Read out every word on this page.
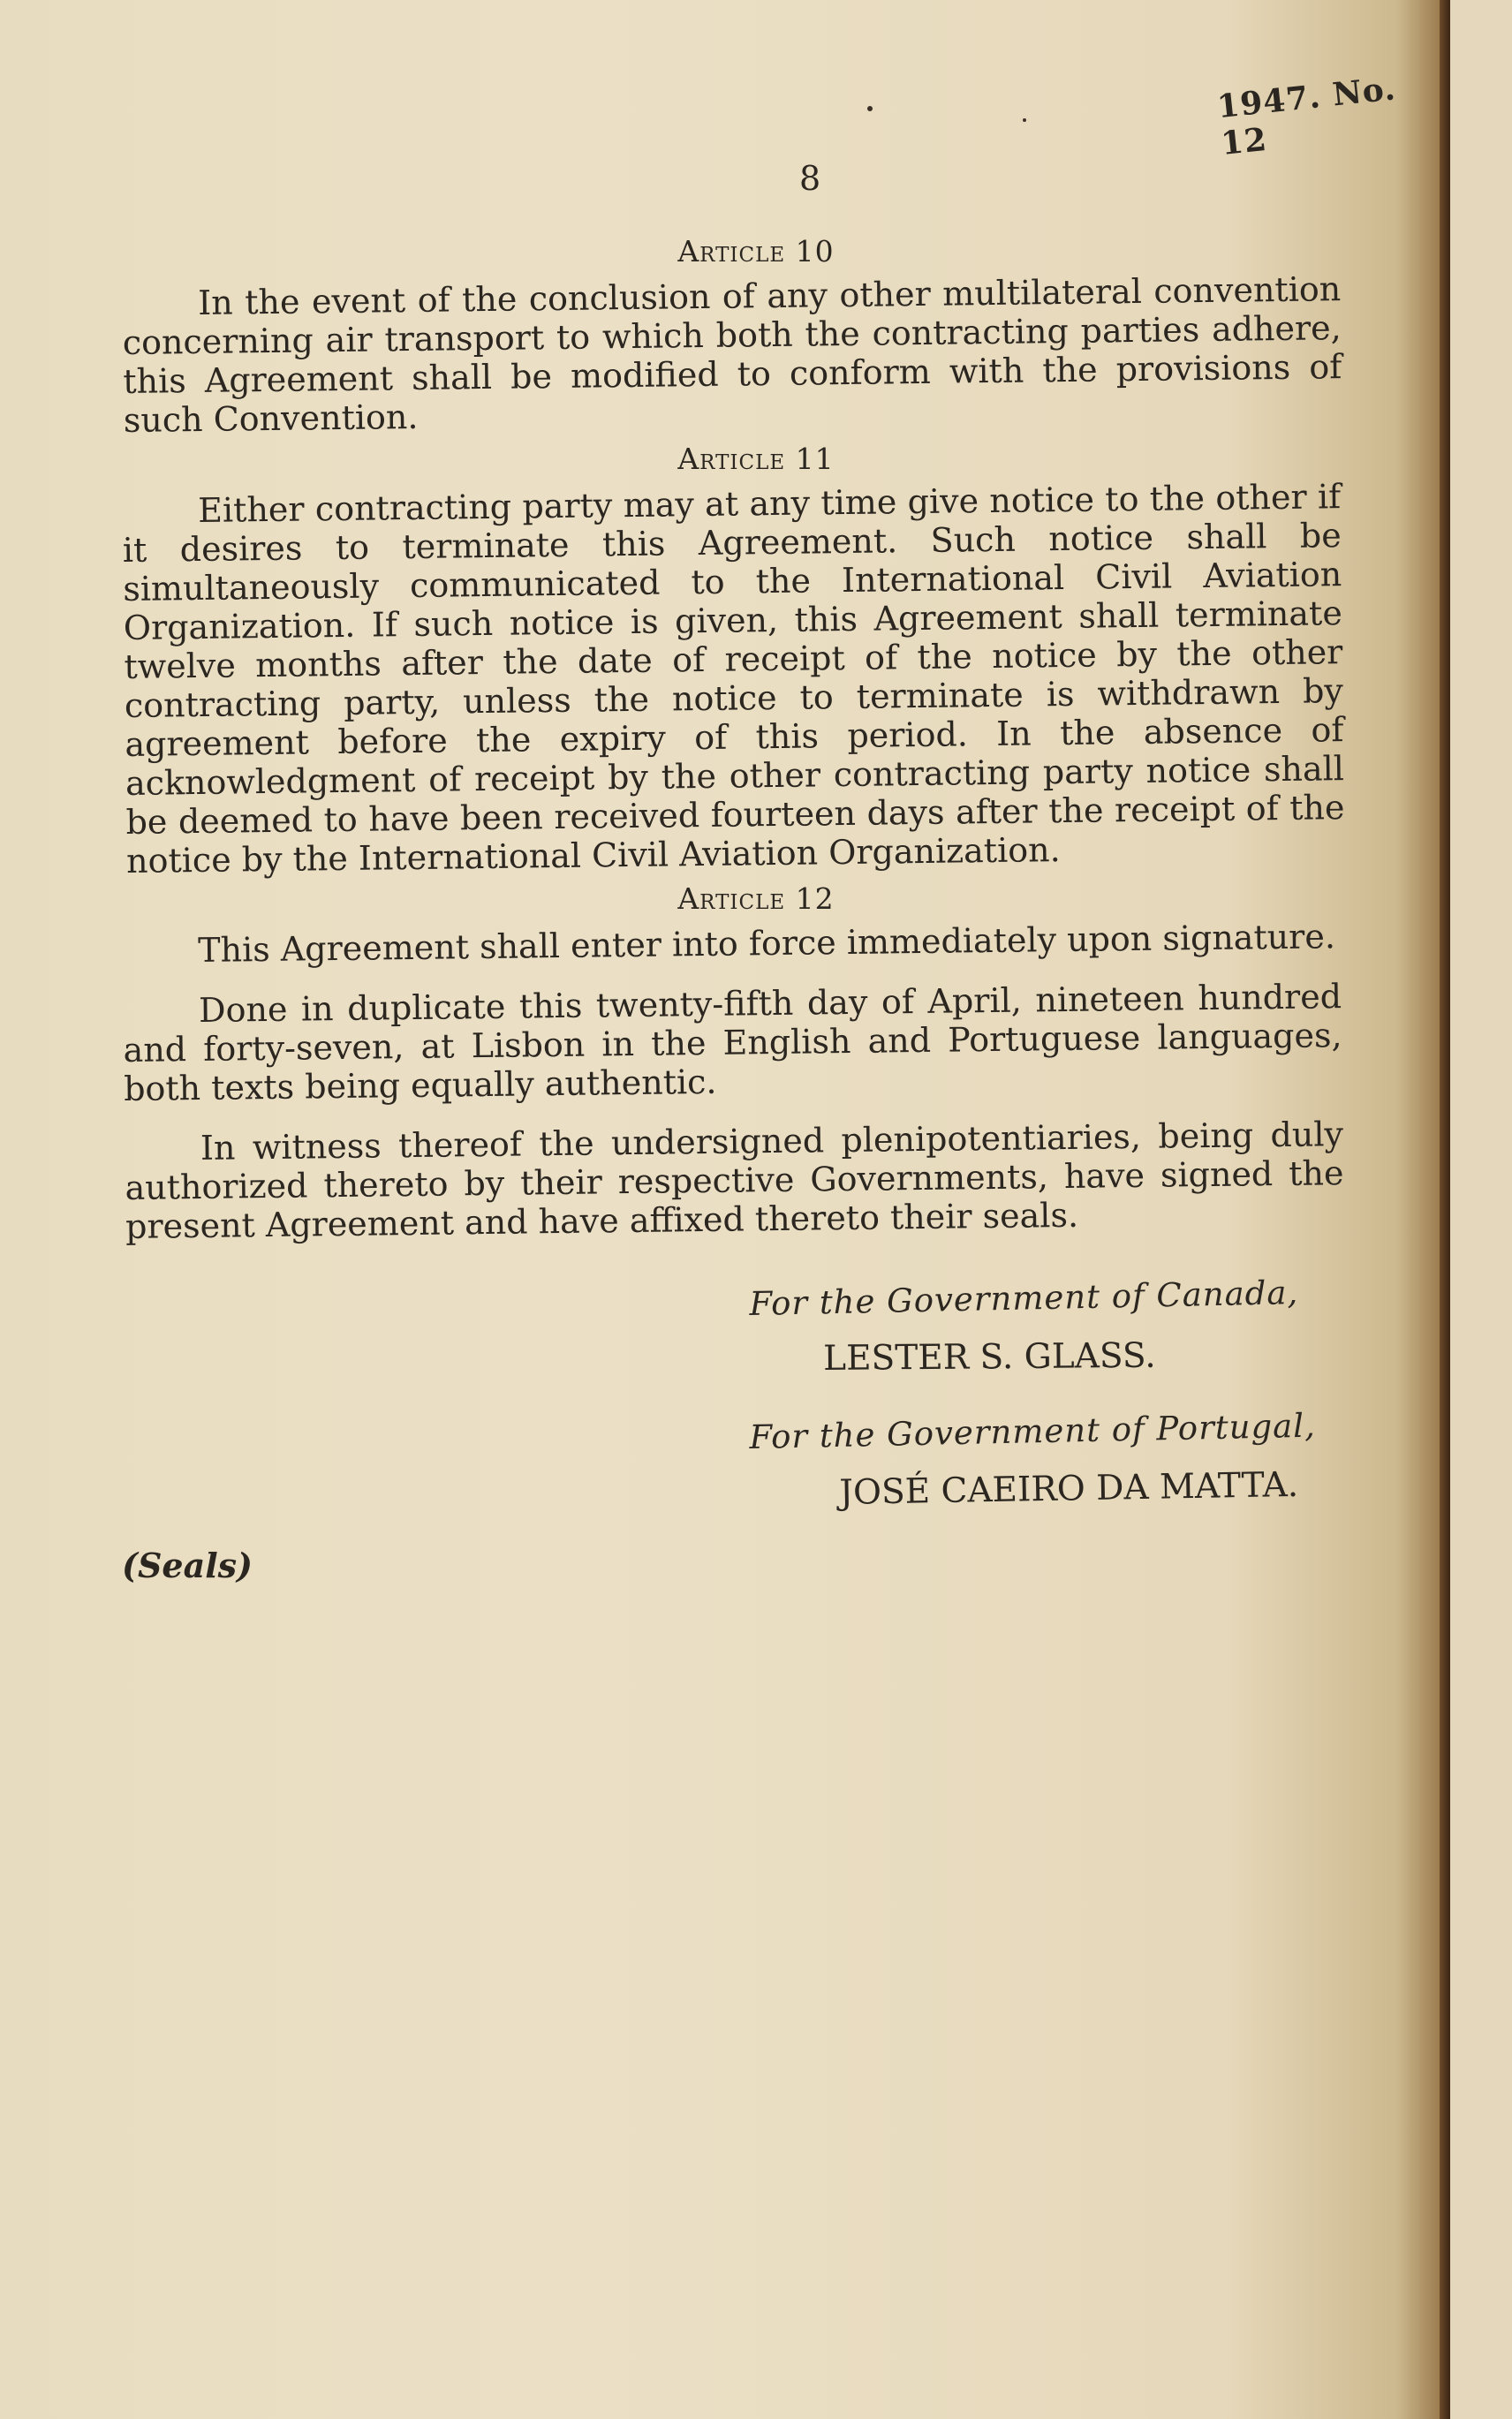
1947. No. 12
8
Article 10

In the event of the conclusion of any other multilateral convention concerning air transport to which both the contracting parties adhere, this Agreement shall be modified to conform with the provisions of such Convention.

Article 11

Either contracting party may at any time give notice to the other if it desires to terminate this Agreement. Such notice shall be simultaneously communicated to the International Civil Aviation Organization. If such notice is given, this Agreement shall terminate twelve months after the date of receipt of the notice by the other contracting party, unless the notice to terminate is withdrawn by agreement before the expiry of this period. In the absence of acknowledgment of receipt by the other contracting party notice shall be deemed to have been received fourteen days after the receipt of the notice by the International Civil Aviation Organization.

Article 12

This Agreement shall enter into force immediately upon signature.

Done in duplicate this twenty-fifth day of April, nineteen hundred and forty-seven, at Lisbon in the English and Portuguese languages, both texts being equally authentic.

In witness thereof the undersigned plenipotentiaries, being duly authorized thereto by their respective Governments, have signed the present Agreement and have affixed thereto their seals.

For the Government of Canada,
LESTER S. GLASS.
For the Government of Portugal,
JOSÉ CAEIRO DA MATTA.
(Seals)
